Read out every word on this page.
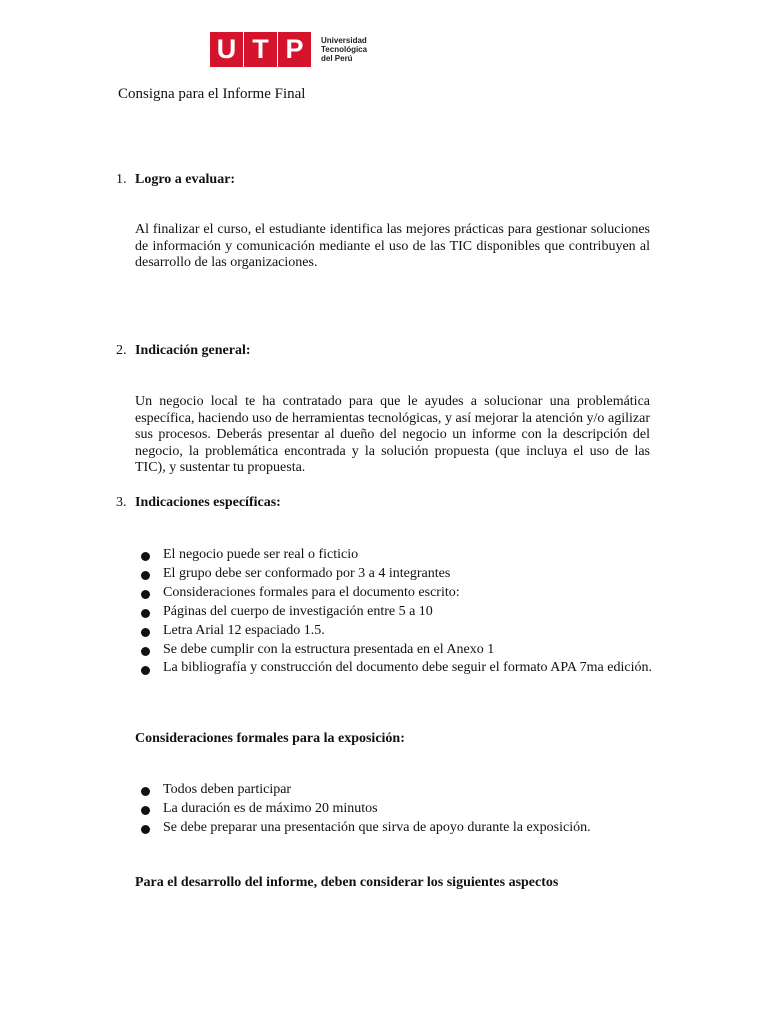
U T P	Universidad
Tecnológica
del Perú
Consigna para el Informe Final
1. Logro a evaluar:
Al finalizar el curso, el estudiante identifica las mejores prácticas para gestionar soluciones de información y comunicación mediante el uso de las TIC disponibles que contribuyen al desarrollo de las organizaciones.
2. Indicación general:
Un negocio local te ha contratado para que le ayudes a solucionar una problemática específica, haciendo uso de herramientas tecnológicas, y así mejorar la atención y/o agilizar sus procesos. Deberás presentar al dueño del negocio un informe con la descripción del negocio, la problemática encontrada y la solución propuesta (que incluya el uso de las TIC), y sustentar tu propuesta.
3. Indicaciones específicas:
El negocio puede ser real o ficticio
El grupo debe ser conformado por 3 a 4 integrantes
Consideraciones formales para el documento escrito:
Páginas del cuerpo de investigación entre 5 a 10
Letra Arial 12 espaciado 1.5.
Se debe cumplir con la estructura presentada en el Anexo 1
La bibliografía y construcción del documento debe seguir el formato APA 7ma edición.
Consideraciones formales para la exposición:
Todos deben participar
La duración es de máximo 20 minutos
Se debe preparar una presentación que sirva de apoyo durante la exposición.
Para el desarrollo del informe, deben considerar los siguientes aspectos
